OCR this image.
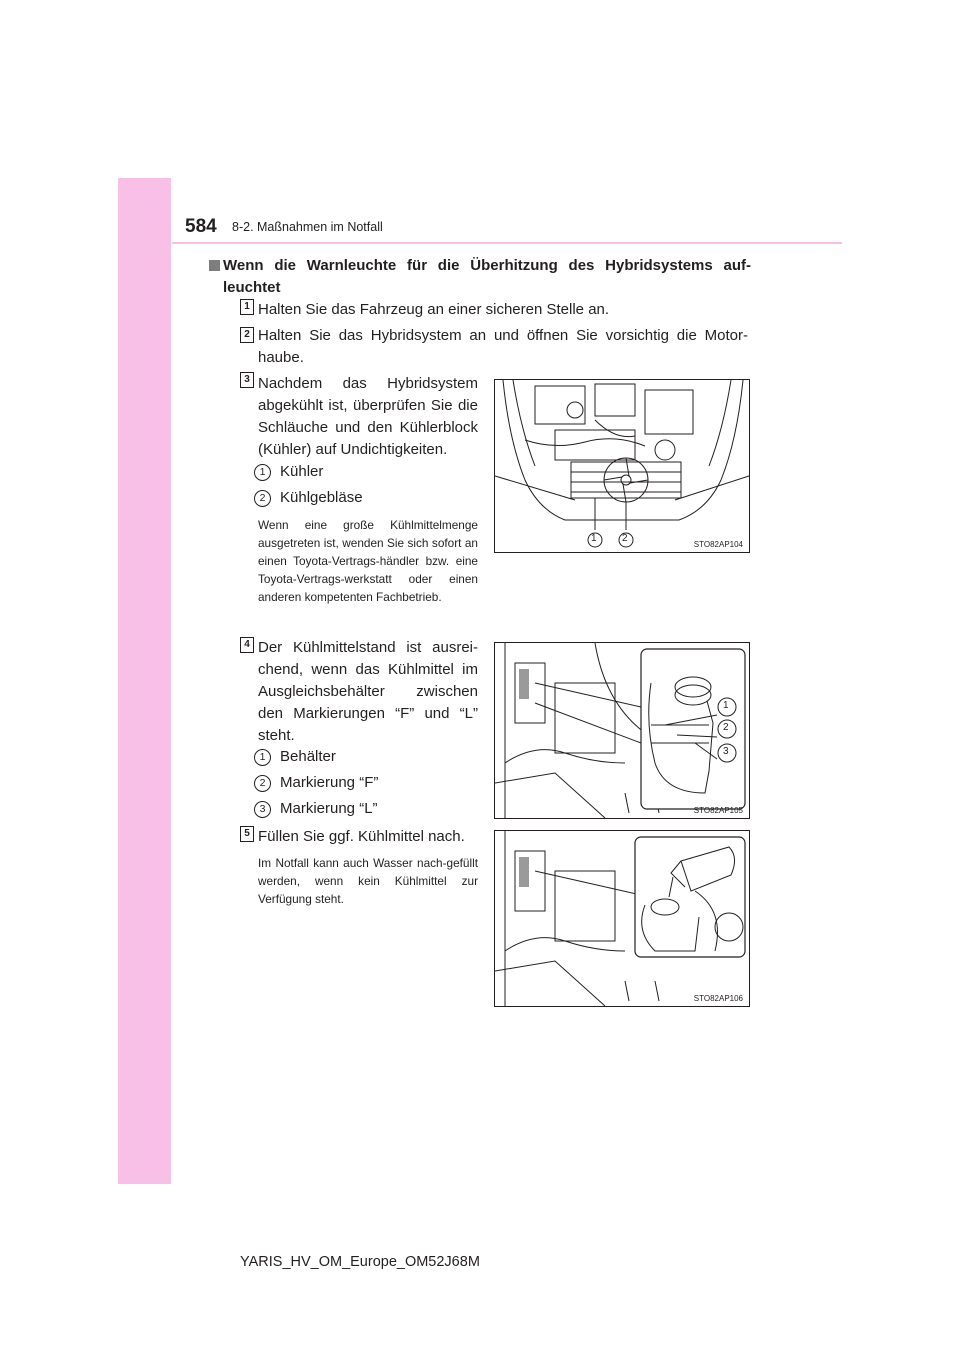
584 8-2. Maßnahmen im Notfall
Wenn die Warnleuchte für die Überhitzung des Hybridsystems auf-leuchtet
1 Halten Sie das Fahrzeug an einer sicheren Stelle an.
2 Halten Sie das Hybridsystem an und öffnen Sie vorsichtig die Motor-haube.
3 Nachdem das Hybridsystem abgekühlt ist, überprüfen Sie die Schläuche und den Kühlerblock (Kühler) auf Undichtigkeiten.
1 Kühler
2 Kühlgebläse
Wenn eine große Kühlmittelmenge ausgetreten ist, wenden Sie sich sofort an einen Toyota-Vertrags-händler bzw. eine Toyota-Vertrags-werkstatt oder einen anderen kompetenten Fachbetrieb.
1	2
STO82AP104
4 Der Kühlmittelstand ist ausrei-chend, wenn das Kühlmittel im Ausgleichsbehälter zwischen den Markierungen “F” und “L” steht.
1 Behälter
2 Markierung “F”
3 Markierung “L”
1
2
3
STO82AP105
5 Füllen Sie ggf. Kühlmittel nach.
Im Notfall kann auch Wasser nach-gefüllt werden, wenn kein Kühlmittel zur Verfügung steht.
STO82AP106
YARIS_HV_OM_Europe_OM52J68M
